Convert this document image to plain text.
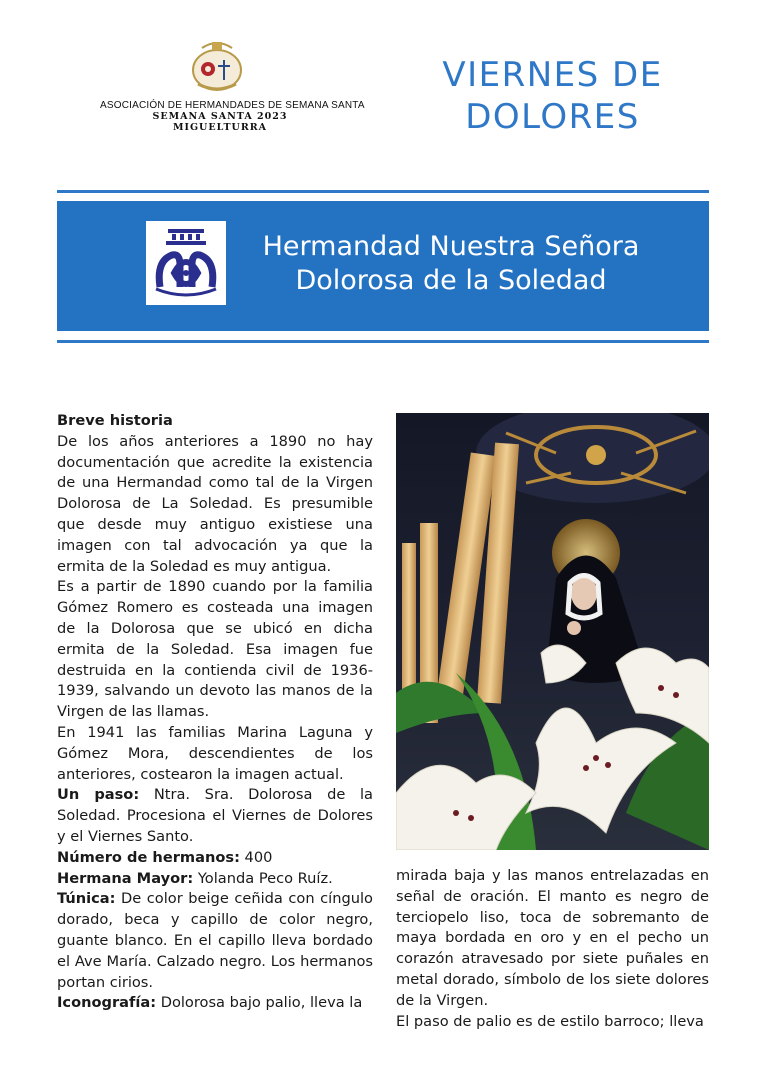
ASOCIACIÓN DE HERMANDADES DE SEMANA SANTA
SEMANA SANTA 2023
MIGUELTURRA
VIERNES DE
DOLORES
Hermandad Nuestra Señora
Dolorosa de la Soledad

Breve historia

De los años anteriores a 1890 no hay documentación que acredite la existencia de una Hermandad como tal de la Virgen Dolorosa de La Soledad. Es presumible que desde muy antiguo existiese una imagen con tal advocación ya que la ermita de la Soledad es muy antigua.

Es a partir de 1890 cuando por la familia Gómez Romero es costeada una imagen de la Dolorosa que se ubicó en dicha ermita de la Soledad. Esa imagen fue destruida en la contienda civil de 1936-1939, salvando un devoto las manos de la Virgen de las llamas.

En 1941 las familias Marina Laguna y Gómez Mora, descendientes de los anteriores, costearon la imagen actual.

Un paso: Ntra. Sra. Dolorosa de la Soledad. Procesiona el Viernes de Dolores y el Viernes Santo.

Número de hermanos: 400

Hermana Mayor: Yolanda Peco Ruíz.

Túnica: De color beige ceñida con cíngulo dorado, beca y capillo de color negro, guante blanco. En el capillo lleva bordado el Ave María. Calzado negro. Los hermanos portan cirios.

Iconografía: Dolorosa bajo palio, lleva la

mirada baja y las manos entrelazadas en señal de oración. El manto es negro de terciopelo liso, toca de sobremanto de maya bordada en oro y en el pecho un corazón atravesado por siete puñales en metal dorado, símbolo de los siete dolores de la Virgen.

El paso de palio es de estilo barroco; lleva
